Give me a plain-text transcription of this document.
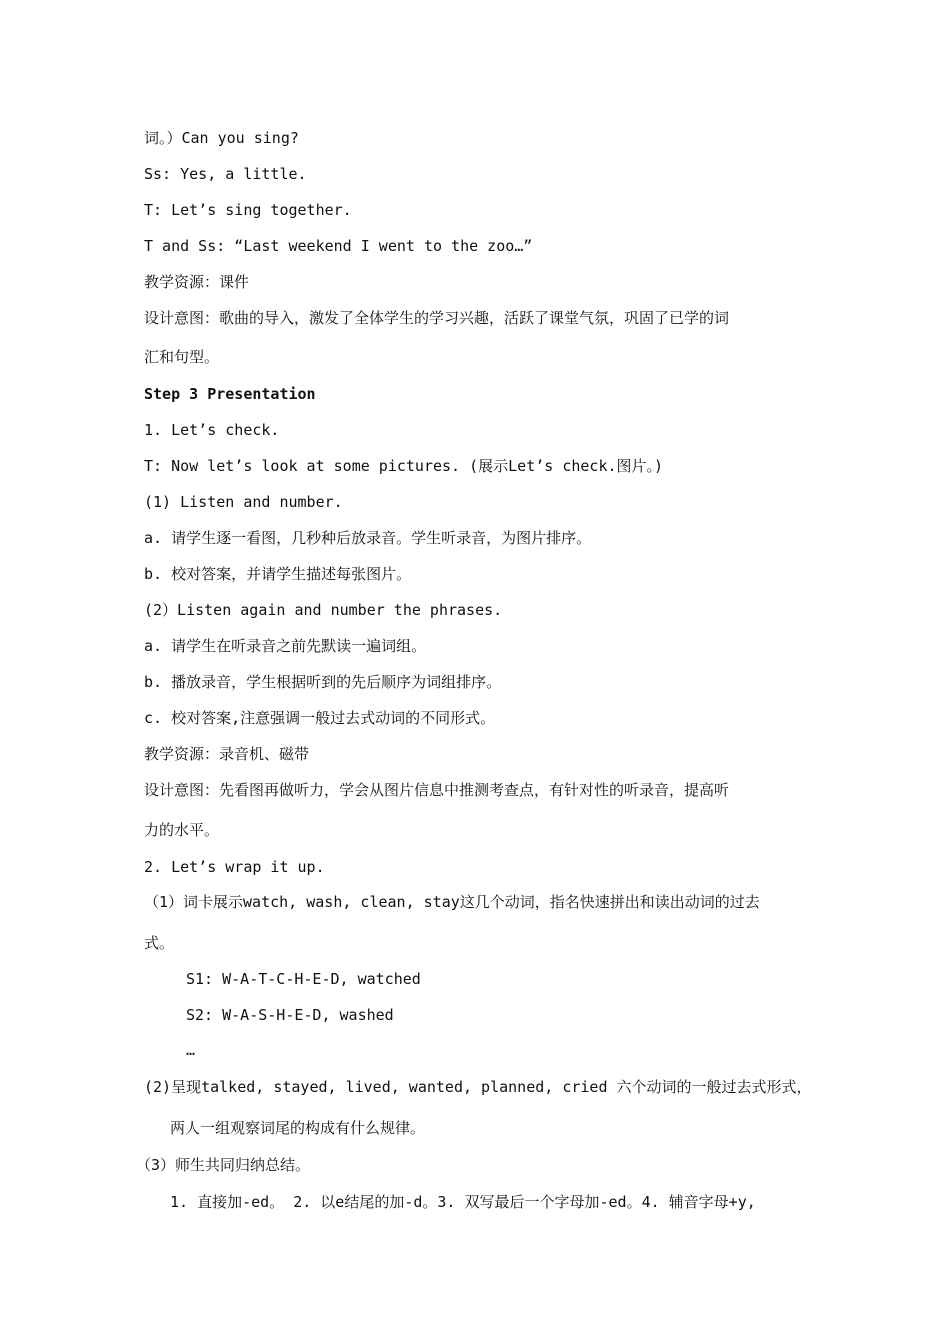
词。）Can you sing?
Ss: Yes, a little.
T: Let’s sing together.
T and Ss: “Last weekend I went to the zoo…”
教学资源：课件
设计意图：歌曲的导入，激发了全体学生的学习兴趣，活跃了课堂气氛，巩固了已学的词
汇和句型。
Step 3 Presentation
1. Let’s check.
T: Now let’s look at some pictures. (展示Let’s check.图片。)
(1) Listen and number.
a. 请学生逐一看图，几秒种后放录音。学生听录音，为图片排序。
b. 校对答案，并请学生描述每张图片。
(2）Listen again and number the phrases.
a. 请学生在听录音之前先默读一遍词组。
b. 播放录音，学生根据听到的先后顺序为词组排序。
c. 校对答案,注意强调一般过去式动词的不同形式。
教学资源：录音机、磁带
设计意图：先看图再做听力，学会从图片信息中推测考查点，有针对性的听录音，提高听
力的水平。
2. Let’s wrap it up.
（1）词卡展示watch, wash, clean, stay这几个动词，指名快速拼出和读出动词的过去
式。
S1: W-A-T-C-H-E-D, watched
S2: W-A-S-H-E-D, washed
…
(2)呈现talked, stayed, lived, wanted, planned, cried 六个动词的一般过去式形式，
两人一组观察词尾的构成有什么规律。
（3）师生共同归纳总结。
1. 直接加-ed。 2. 以e结尾的加-d。3. 双写最后一个字母加-ed。4. 辅音字母+y,
